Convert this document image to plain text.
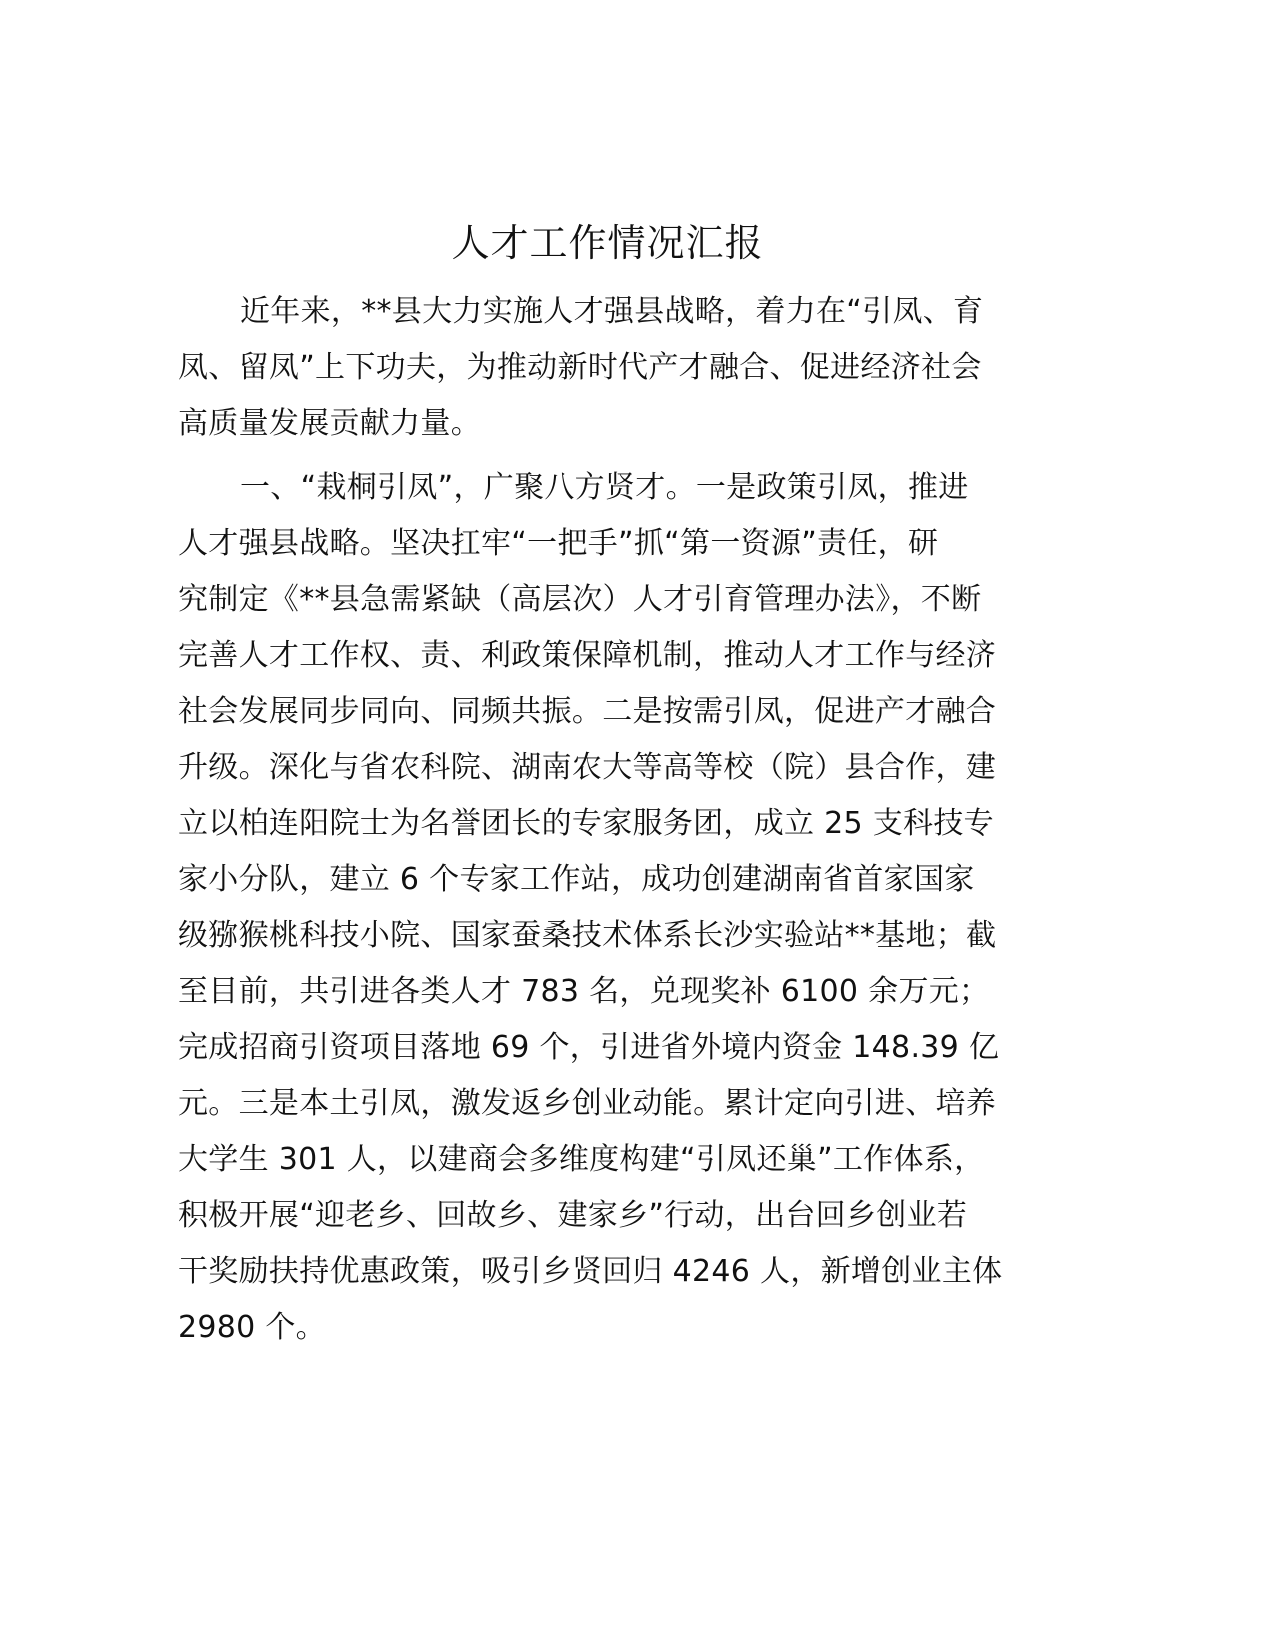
人才工作情况汇报
近年来，**县大力实施人才强县战略，着力在“引凤、育
凤、留凤”上下功夫，为推动新时代产才融合、促进经济社会
高质量发展贡献力量。
一、“栽桐引凤”，广聚八方贤才。一是政策引凤，推进
人才强县战略。坚决扛牢“一把手”抓“第一资源”责任，研
究制定《**县急需紧缺（高层次）人才引育管理办法》，不断
完善人才工作权、责、利政策保障机制，推动人才工作与经济
社会发展同步同向、同频共振。二是按需引凤，促进产才融合
升级。深化与省农科院、湖南农大等高等校（院）县合作，建
立以柏连阳院士为名誉团长的专家服务团，成立 25 支科技专
家小分队，建立 6 个专家工作站，成功创建湖南省首家国家
级猕猴桃科技小院、国家蚕桑技术体系长沙实验站**基地；截
至目前，共引进各类人才 783 名，兑现奖补 6100 余万元；
完成招商引资项目落地 69 个，引进省外境内资金 148.39 亿
元。三是本土引凤，激发返乡创业动能。累计定向引进、培养
大学生 301 人，以建商会多维度构建“引凤还巢”工作体系，
积极开展“迎老乡、回故乡、建家乡”行动，出台回乡创业若
干奖励扶持优惠政策，吸引乡贤回归 4246 人，新增创业主体
2980 个。
